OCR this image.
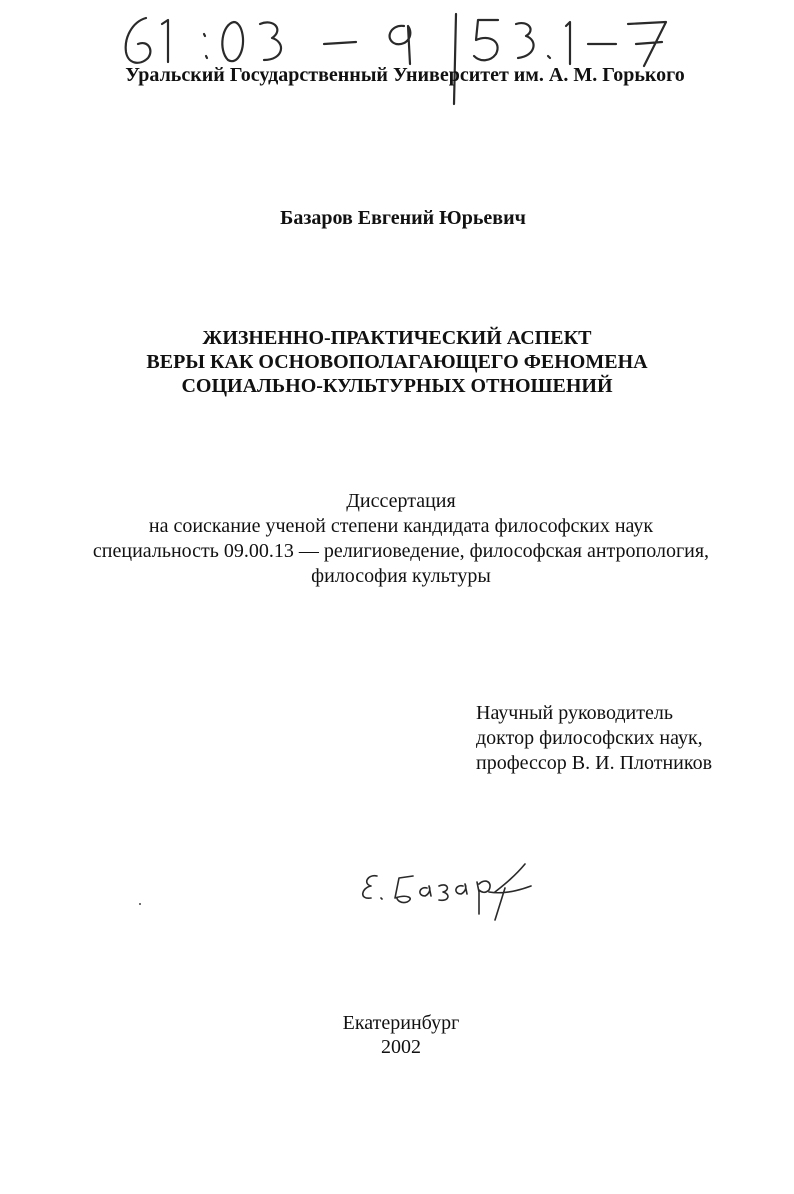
Уральский Государственный Университет им. А. М. Горького
Базаров Евгений Юрьевич
ЖИЗНЕННО-ПРАКТИЧЕСКИЙ АСПЕКТ
ВЕРЫ КАК ОСНОВОПОЛАГАЮЩЕГО ФЕНОМЕНА
СОЦИАЛЬНО-КУЛЬТУРНЫХ ОТНОШЕНИЙ
Диссертация
на соискание ученой степени кандидата философских наук
специальность 09.00.13 — религиоведение, философская антропология,
философия культуры
Научный руководитель
доктор философских наук,
профессор В. И. Плотников
Екатеринбург
2002
